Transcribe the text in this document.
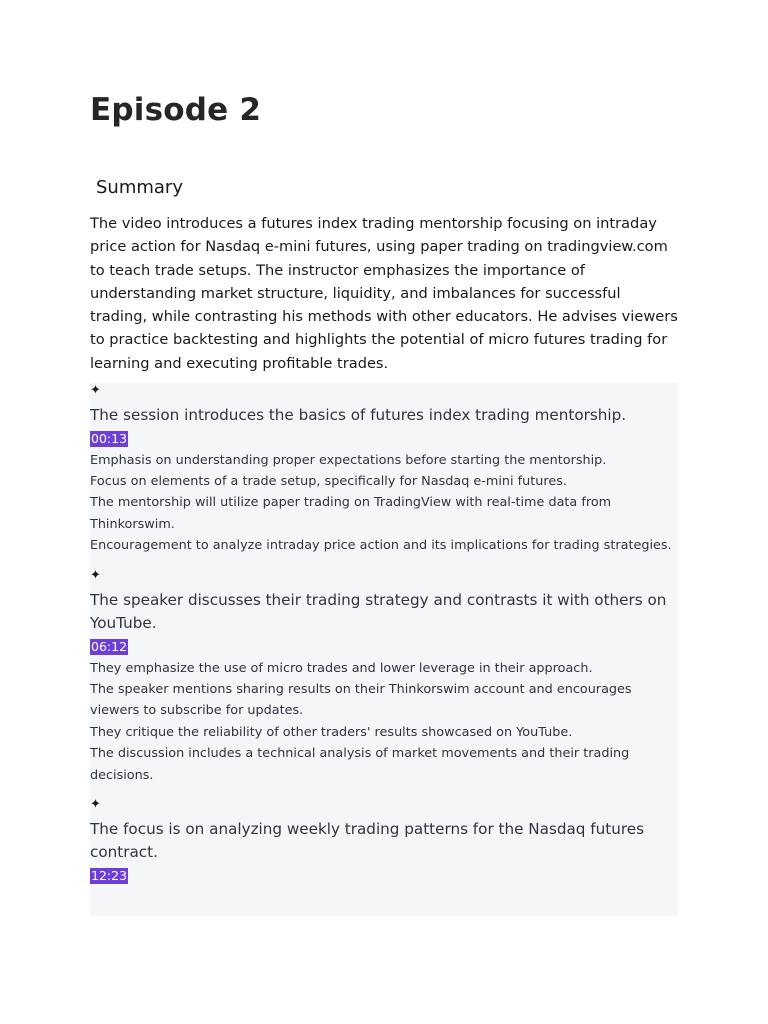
Episode 2
Summary

The video introduces a futures index trading mentorship focusing on intraday price action for Nasdaq e-mini futures, using paper trading on tradingview.com to teach trade setups. The instructor emphasizes the importance of understanding market structure, liquidity, and imbalances for successful trading, while contrasting his methods with other educators. He advises viewers to practice backtesting and highlights the potential of micro futures trading for learning and executing profitable trades.

✦

The session introduces the basics of futures index trading mentorship.

00:13
Emphasis on understanding proper expectations before starting the mentorship.
Focus on elements of a trade setup, specifically for Nasdaq e-mini futures.
The mentorship will utilize paper trading on TradingView with real-time data from Thinkorswim.
Encouragement to analyze intraday price action and its implications for trading strategies.
✦

The speaker discusses their trading strategy and contrasts it with others on YouTube.

06:12
They emphasize the use of micro trades and lower leverage in their approach.
The speaker mentions sharing results on their Thinkorswim account and encourages viewers to subscribe for updates.
They critique the reliability of other traders' results showcased on YouTube.
The discussion includes a technical analysis of market movements and their trading decisions.
✦

The focus is on analyzing weekly trading patterns for the Nasdaq futures contract.

12:23
